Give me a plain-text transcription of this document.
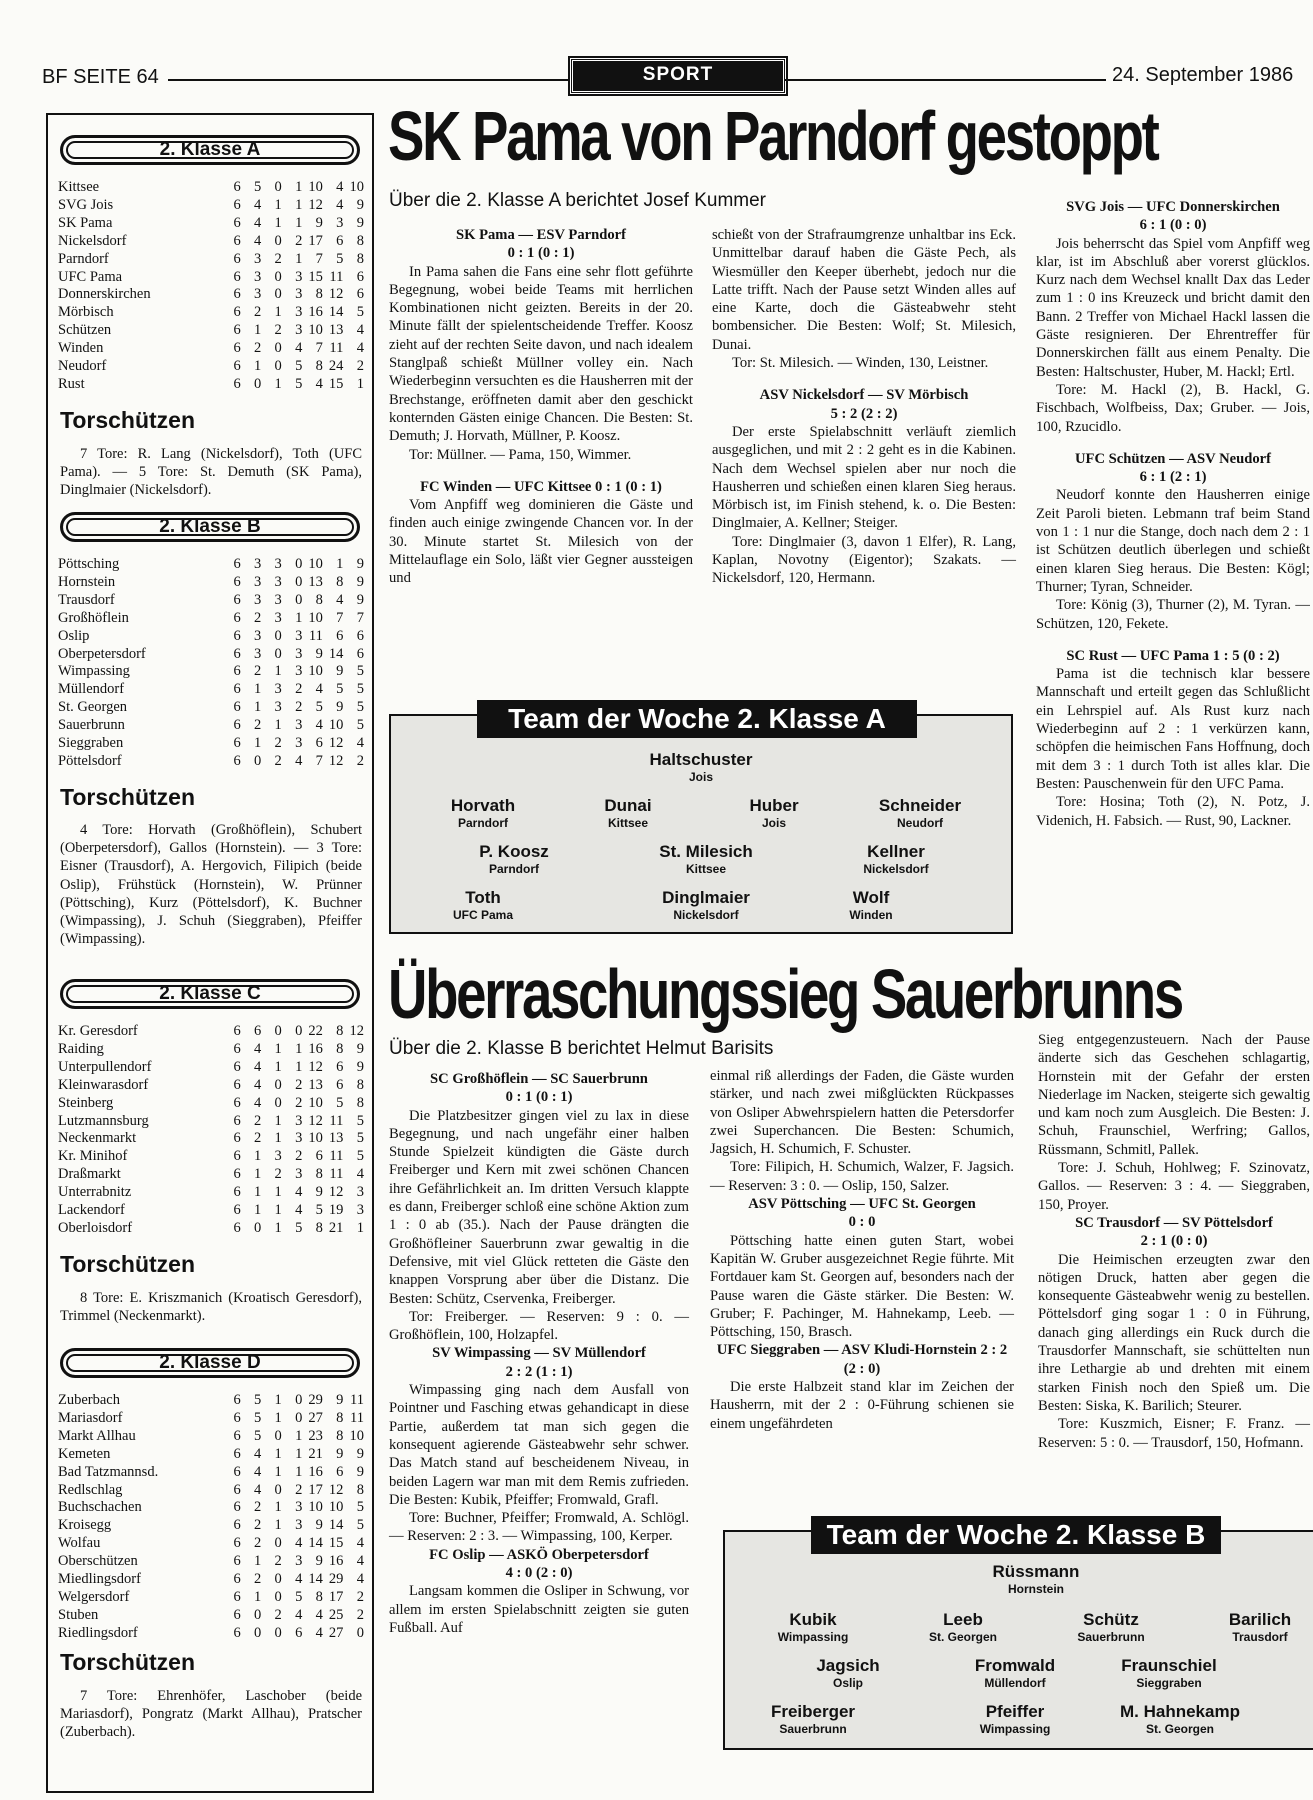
BF SEITE 64	SPORT	24. September 1986
2. Klasse A
Kittsee	6	5	0	1	10	4	10
SVG Jois	6	4	1	1	12	4	9
SK Pama	6	4	1	1	9	3	9
Nickelsdorf	6	4	0	2	17	6	8
Parndorf	6	3	2	1	7	5	8
UFC Pama	6	3	0	3	15	11	6
Donnerskirchen	6	3	0	3	8	12	6
Mörbisch	6	2	1	3	16	14	5
Schützen	6	1	2	3	10	13	4
Winden	6	2	0	4	7	11	4
Neudorf	6	1	0	5	8	24	2
Rust	6	0	1	5	4	15	1
Torschützen

7 Tore: R. Lang (Nickelsdorf), Toth (UFC Pama). — 5 Tore: St. Demuth (SK Pama), Dinglmaier (Nickelsdorf).

2. Klasse B
Pöttsching	6	3	3	0	10	1	9
Hornstein	6	3	3	0	13	8	9
Trausdorf	6	3	3	0	8	4	9
Großhöflein	6	2	3	1	10	7	7
Oslip	6	3	0	3	11	6	6
Oberpetersdorf	6	3	0	3	9	14	6
Wimpassing	6	2	1	3	10	9	5
Müllendorf	6	1	3	2	4	5	5
St. Georgen	6	1	3	2	5	9	5
Sauerbrunn	6	2	1	3	4	10	5
Sieggraben	6	1	2	3	6	12	4
Pöttelsdorf	6	0	2	4	7	12	2
Torschützen

4 Tore: Horvath (Großhöflein), Schubert (Oberpetersdorf), Gallos (Hornstein). — 3 Tore: Eisner (Trausdorf), A. Hergovich, Filipich (beide Oslip), Frühstück (Hornstein), W. Prünner (Pöttsching), Kurz (Pöttelsdorf), K. Buchner (Wimpassing), J. Schuh (Sieggraben), Pfeiffer (Wimpassing).

2. Klasse C
Kr. Geresdorf	6	6	0	0	22	8	12
Raiding	6	4	1	1	16	8	9
Unterpullendorf	6	4	1	1	12	6	9
Kleinwarasdorf	6	4	0	2	13	6	8
Steinberg	6	4	0	2	10	5	8
Lutzmannsburg	6	2	1	3	12	11	5
Neckenmarkt	6	2	1	3	10	13	5
Kr. Minihof	6	1	3	2	6	11	5
Draßmarkt	6	1	2	3	8	11	4
Unterrabnitz	6	1	1	4	9	12	3
Lackendorf	6	1	1	4	5	19	3
Oberloisdorf	6	0	1	5	8	21	1
Torschützen

8 Tore: E. Kriszmanich (Kroatisch Geresdorf), Trimmel (Neckenmarkt).

2. Klasse D
Zuberbach	6	5	1	0	29	9	11
Mariasdorf	6	5	1	0	27	8	11
Markt Allhau	6	5	0	1	23	8	10
Kemeten	6	4	1	1	21	9	9
Bad Tatzmannsd.	6	4	1	1	16	6	9
Redlschlag	6	4	0	2	17	12	8
Buchschachen	6	2	1	3	10	10	5
Kroisegg	6	2	1	3	9	14	5
Wolfau	6	2	0	4	14	15	4
Oberschützen	6	1	2	3	9	16	4
Miedlingsdorf	6	2	0	4	14	29	4
Welgersdorf	6	1	0	5	8	17	2
Stuben	6	0	2	4	4	25	2
Riedlingsdorf	6	0	0	6	4	27	0
Torschützen

7 Tore: Ehrenhöfer, Laschober (beide Mariasdorf), Pongratz (Markt Allhau), Pratscher (Zuberbach).

SK Pama von Parndorf gestoppt
Über die 2. Klasse A berichtet Josef Kummer

SK Pama — ESV Parndorf

0 : 1 (0 : 1)

In Pama sahen die Fans eine sehr flott geführte Begegnung, wobei beide Teams mit herrlichen Kombinationen nicht geizten. Bereits in der 20. Minute fällt der spielentscheidende Treffer. Koosz zieht auf der rechten Seite davon, und nach idealem Stanglpaß schießt Müllner volley ein. Nach Wiederbeginn versuchten es die Hausherren mit der Brechstange, eröffneten damit aber den geschickt konternden Gästen einige Chancen. Die Besten: St. Demuth; J. Horvath, Müllner, P. Koosz.

Tor: Müllner. — Pama, 150, Wimmer.

FC Winden — UFC Kittsee 0 : 1 (0 : 1)

Vom Anpfiff weg dominieren die Gäste und finden auch einige zwingende Chancen vor. In der 30. Minute startet St. Milesich von der Mittelauflage ein Solo, läßt vier Gegner aussteigen und

schießt von der Strafraumgrenze unhaltbar ins Eck. Unmittelbar darauf haben die Gäste Pech, als Wiesmüller den Keeper überhebt, jedoch nur die Latte trifft. Nach der Pause setzt Winden alles auf eine Karte, doch die Gästeabwehr steht bombensicher. Die Besten: Wolf; St. Milesich, Dunai.

Tor: St. Milesich. — Winden, 130, Leistner.

ASV Nickelsdorf — SV Mörbisch

5 : 2 (2 : 2)

Der erste Spielabschnitt verläuft ziemlich ausgeglichen, und mit 2 : 2 geht es in die Kabinen. Nach dem Wechsel spielen aber nur noch die Hausherren und schießen einen klaren Sieg heraus. Mörbisch ist, im Finish stehend, k. o. Die Besten: Dinglmaier, A. Kellner; Steiger.

Tore: Dinglmaier (3, davon 1 Elfer), R. Lang, Kaplan, Novotny (Eigentor); Szakats. — Nickelsdorf, 120, Hermann.

SVG Jois — UFC Donnerskirchen

6 : 1 (0 : 0)

Jois beherrscht das Spiel vom Anpfiff weg klar, ist im Abschluß aber vorerst glücklos. Kurz nach dem Wechsel knallt Dax das Leder zum 1 : 0 ins Kreuzeck und bricht damit den Bann. 2 Treffer von Michael Hackl lassen die Gäste resignieren. Der Ehrentreffer für Donnerskirchen fällt aus einem Penalty. Die Besten: Haltschuster, Huber, M. Hackl; Ertl.

Tore: M. Hackl (2), B. Hackl, G. Fischbach, Wolfbeiss, Dax; Gruber. — Jois, 100, Rzucidlo.

UFC Schützen — ASV Neudorf

6 : 1 (2 : 1)

Neudorf konnte den Hausherren einige Zeit Paroli bieten. Lebmann traf beim Stand von 1 : 1 nur die Stange, doch nach dem 2 : 1 ist Schützen deutlich überlegen und schießt einen klaren Sieg heraus. Die Besten: Kögl; Thurner; Tyran, Schneider.

Tore: König (3), Thurner (2), M. Tyran. — Schützen, 120, Fekete.

SC Rust — UFC Pama 1 : 5 (0 : 2)

Pama ist die technisch klar bessere Mannschaft und erteilt gegen das Schlußlicht ein Lehrspiel auf. Als Rust kurz nach Wiederbeginn auf 2 : 1 verkürzen kann, schöpfen die heimischen Fans Hoffnung, doch mit dem 3 : 1 durch Toth ist alles klar. Die Besten: Pauschenwein für den UFC Pama.

Tore: Hosina; Toth (2), N. Potz, J. Videnich, H. Fabsich. — Rust, 90, Lackner.

Team der Woche 2. Klasse A
Haltschuster
Jois
Horvath
Parndorf
Dunai
Kittsee
Huber
Jois
Schneider
Neudorf
P. Koosz
Parndorf
St. Milesich
Kittsee
Kellner
Nickelsdorf
Toth
UFC Pama
Dinglmaier
Nickelsdorf
Wolf
Winden
Überraschungssieg Sauerbrunns
Über die 2. Klasse B berichtet Helmut Barisits

SC Großhöflein — SC Sauerbrunn

0 : 1 (0 : 1)

Die Platzbesitzer gingen viel zu lax in diese Begegnung, und nach ungefähr einer halben Stunde Spielzeit kündigten die Gäste durch Freiberger und Kern mit zwei schönen Chancen ihre Gefährlichkeit an. Im dritten Versuch klappte es dann, Freiberger schloß eine schöne Aktion zum 1 : 0 ab (35.). Nach der Pause drängten die Großhöfleiner Sauerbrunn zwar gewaltig in die Defensive, mit viel Glück retteten die Gäste den knappen Vorsprung aber über die Distanz. Die Besten: Schütz, Cservenka, Freiberger.

Tor: Freiberger. — Reserven: 9 : 0. — Großhöflein, 100, Holzapfel.

SV Wimpassing — SV Müllendorf

2 : 2 (1 : 1)

Wimpassing ging nach dem Ausfall von Pointner und Fasching etwas gehandicapt in diese Partie, außerdem tat man sich gegen die konsequent agierende Gästeabwehr sehr schwer. Das Match stand auf bescheidenem Niveau, in beiden Lagern war man mit dem Remis zufrieden. Die Besten: Kubik, Pfeiffer; Fromwald, Grafl.

Tore: Buchner, Pfeiffer; Fromwald, A. Schlögl. — Reserven: 2 : 3. — Wimpassing, 100, Kerper.

FC Oslip — ASKÖ Oberpetersdorf

4 : 0 (2 : 0)

Langsam kommen die Osliper in Schwung, vor allem im ersten Spielabschnitt zeigten sie guten Fußball. Auf

einmal riß allerdings der Faden, die Gäste wurden stärker, und nach zwei mißglückten Rückpasses von Osliper Abwehrspielern hatten die Petersdorfer zwei Superchancen. Die Besten: Schumich, Jagsich, H. Schumich, F. Schuster.

Tore: Filipich, H. Schumich, Walzer, F. Jagsich. — Reserven: 3 : 0. — Oslip, 150, Salzer.

ASV Pöttsching — UFC St. Georgen

0 : 0

Pöttsching hatte einen guten Start, wobei Kapitän W. Gruber ausgezeichnet Regie führte. Mit Fortdauer kam St. Georgen auf, besonders nach der Pause waren die Gäste stärker. Die Besten: W. Gruber; F. Pachinger, M. Hahnekamp, Leeb. — Pöttsching, 150, Brasch.

UFC Sieggraben — ASV Kludi-Hornstein 2 : 2 (2 : 0)

Die erste Halbzeit stand klar im Zeichen der Hausherrn, mit der 2 : 0-Führung schienen sie einem ungefährdeten

Sieg entgegenzusteuern. Nach der Pause änderte sich das Geschehen schlagartig, Hornstein mit der Gefahr der ersten Niederlage im Nacken, steigerte sich gewaltig und kam noch zum Ausgleich. Die Besten: J. Schuh, Fraunschiel, Werfring; Gallos, Rüssmann, Schmitl, Pallek.

Tore: J. Schuh, Hohlweg; F. Szinovatz, Gallos. — Reserven: 3 : 4. — Sieggraben, 150, Proyer.

SC Trausdorf — SV Pöttelsdorf

2 : 1 (0 : 0)

Die Heimischen erzeugten zwar den nötigen Druck, hatten aber gegen die konsequente Gästeabwehr wenig zu bestellen. Pöttelsdorf ging sogar 1 : 0 in Führung, danach ging allerdings ein Ruck durch die Trausdorfer Mannschaft, sie schüttelten nun ihre Lethargie ab und drehten mit einem starken Finish noch den Spieß um. Die Besten: Siska, K. Barilich; Steurer.

Tore: Kuszmich, Eisner; F. Franz. — Reserven: 5 : 0. — Trausdorf, 150, Hofmann.

Team der Woche 2. Klasse B
Rüssmann
Hornstein
Kubik
Wimpassing
Leeb
St. Georgen
Schütz
Sauerbrunn
Barilich
Trausdorf
Jagsich
Oslip
Fromwald
Müllendorf
Fraunschiel
Sieggraben
Freiberger
Sauerbrunn
Pfeiffer
Wimpassing
M. Hahnekamp
St. Georgen
